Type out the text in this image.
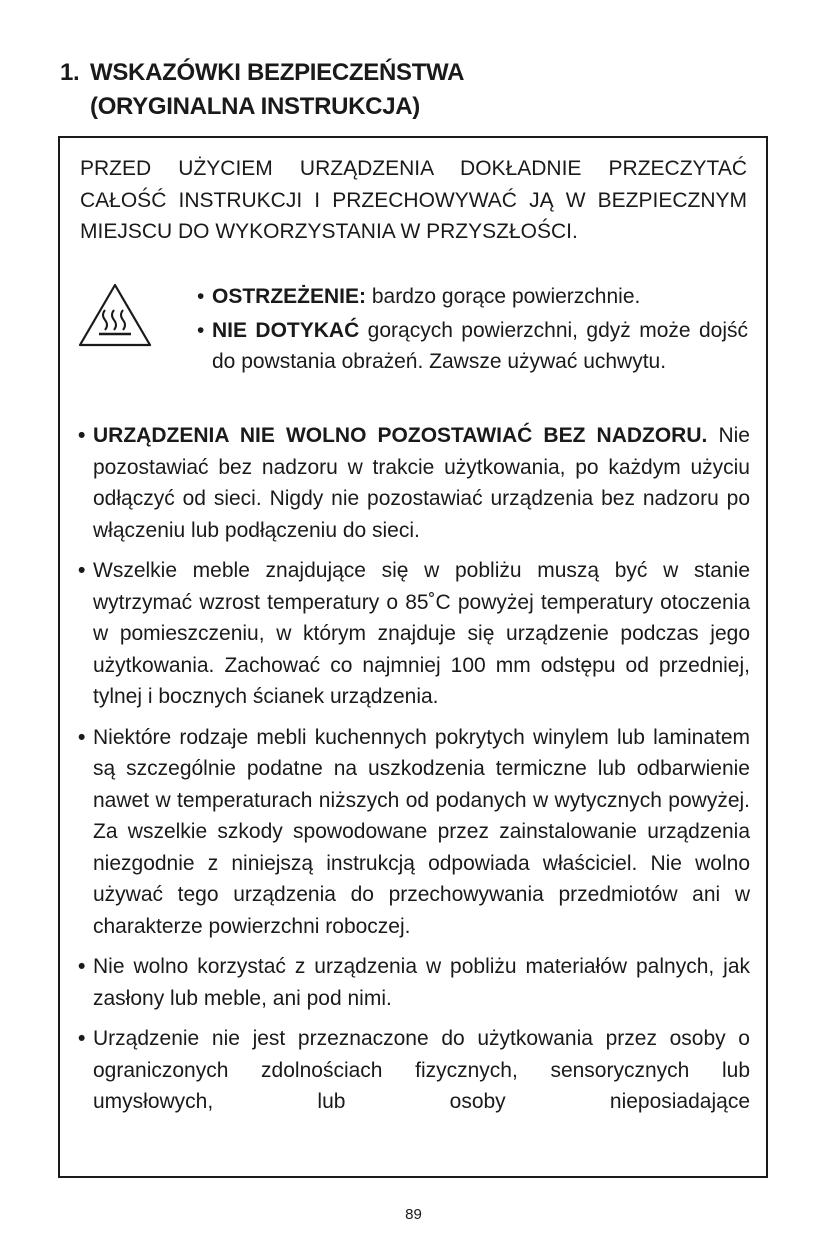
1. WSKAZÓWKI BEZPIECZEŃSTWA
(ORYGINALNA INSTRUKCJA)
PRZED UŻYCIEM URZĄDZENIA DOKŁADNIE PRZECZYTAĆ CAŁOŚĆ INSTRUKCJI I PRZECHOWYWAĆ JĄ W BEZPIECZNYM MIEJSCU DO WYKORZYSTANIA W PRZYSZŁOŚCI.
• OSTRZEŻENIE: bardzo gorące powierzchnie.
• NIE DOTYKAĆ gorących powierzchni, gdyż może dojść do powstania obrażeń. Zawsze używać uchwytu.
• URZĄDZENIA NIE WOLNO POZOSTAWIAĆ BEZ NADZORU. Nie pozostawiać bez nadzoru w trakcie użytkowania, po każdym użyciu odłączyć od sieci. Nigdy nie pozostawiać urządzenia bez nadzoru po włączeniu lub podłączeniu do sieci.
• Wszelkie meble znajdujące się w pobliżu muszą być w stanie wytrzymać wzrost temperatury o 85˚C powyżej temperatury otoczenia w pomieszczeniu, w którym znajduje się urządzenie podczas jego użytkowania. Zachować co najmniej 100 mm odstępu od przedniej, tylnej i bocznych ścianek urządzenia.
• Niektóre rodzaje mebli kuchennych pokrytych winylem lub laminatem są szczególnie podatne na uszkodzenia termiczne lub odbarwienie nawet w temperaturach niższych od podanych w wytycznych powyżej. Za wszelkie szkody spowodowane przez zainstalowanie urządzenia niezgodnie z niniejszą instrukcją odpowiada właściciel. Nie wolno używać tego urządzenia do przechowywania przedmiotów ani w charakterze powierzchni roboczej.
• Nie wolno korzystać z urządzenia w pobliżu materiałów palnych, jak zasłony lub meble, ani pod nimi.
• Urządzenie nie jest przeznaczone do użytkowania przez osoby o ograniczonych zdolnościach fizycznych, sensorycznych lub umysłowych, lub osoby nieposiadające
89
